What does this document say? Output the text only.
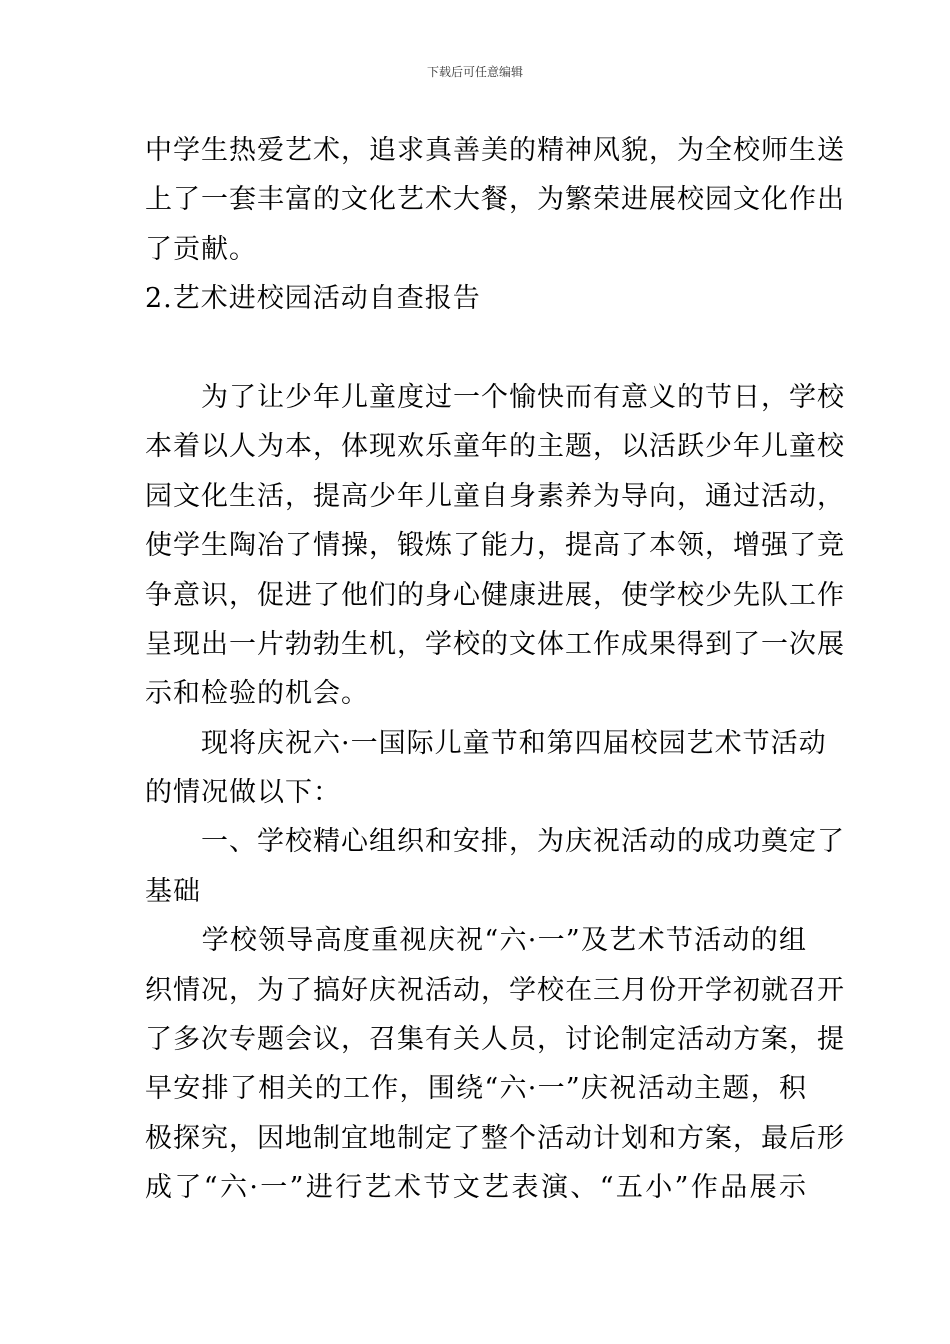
下载后可任意编辑
中学生热爱艺术，追求真善美的精神风貌，为全校师生送
上了一套丰富的文化艺术大餐，为繁荣进展校园文化作出
了贡献。
2.艺术进校园活动自查报告
　　为了让少年儿童度过一个愉快而有意义的节日，学校
本着以人为本，体现欢乐童年的主题，以活跃少年儿童校
园文化生活，提高少年儿童自身素养为导向，通过活动，
使学生陶冶了情操，锻炼了能力，提高了本领，增强了竞
争意识，促进了他们的身心健康进展，使学校少先队工作
呈现出一片勃勃生机，学校的文体工作成果得到了一次展
示和检验的机会。
　　现将庆祝六·一国际儿童节和第四届校园艺术节活动
的情况做以下：
　　一、学校精心组织和安排，为庆祝活动的成功奠定了
基础
　　学校领导高度重视庆祝“六·一”及艺术节活动的组
织情况，为了搞好庆祝活动，学校在三月份开学初就召开
了多次专题会议，召集有关人员，讨论制定活动方案，提
早安排了相关的工作，围绕“六·一”庆祝活动主题，积
极探究，因地制宜地制定了整个活动计划和方案，最后形
成了“六·一”进行艺术节文艺表演、“五小”作品展示
